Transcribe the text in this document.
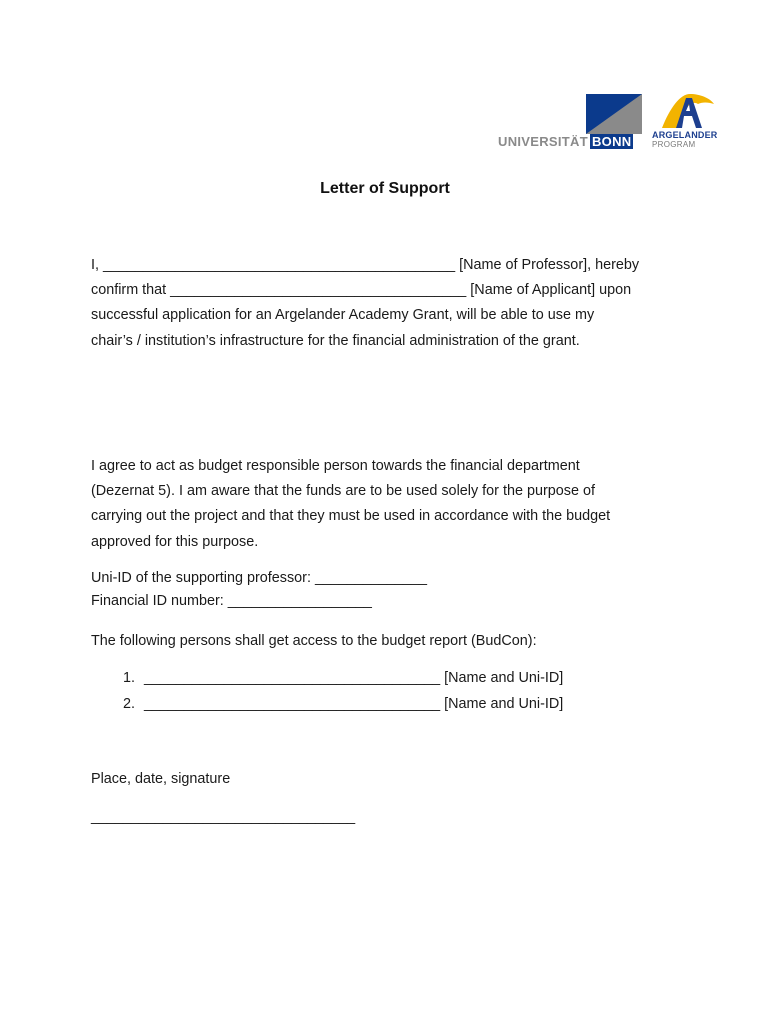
UNIVERSITÄT BONN ARGELANDER
PROGRAM
Letter of Support
I, ____________________________________________ [Name of Professor], hereby
confirm that _____________________________________ [Name of Applicant] upon
successful application for an Argelander Academy Grant, will be able to use my
chair’s / institution’s infrastructure for the financial administration of the grant.
I agree to act as budget responsible person towards the financial department
(Dezernat 5). I am aware that the funds are to be used solely for the purpose of
carrying out the project and that they must be used in accordance with the budget
approved for this purpose.
Uni-ID of the supporting professor: ______________
Financial ID number: __________________
The following persons shall get access to the budget report (BudCon):
1. _____________________________________ [Name and Uni-ID]
2. _____________________________________ [Name and Uni-ID]
Place, date, signature
_________________________________
